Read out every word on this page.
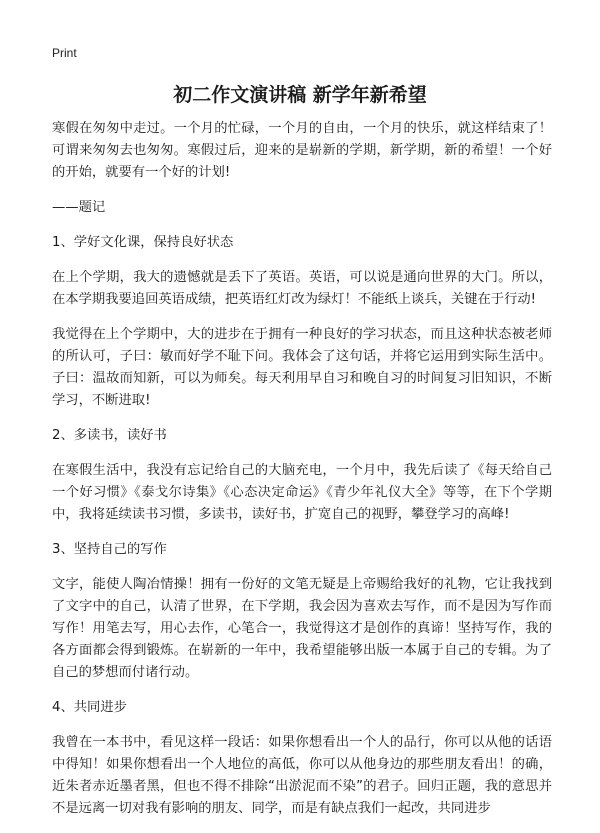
Print
初二作文演讲稿 新学年新希望

寒假在匆匆中走过。一个月的忙碌，一个月的自由，一个月的快乐，就这样结束了！可谓来匆匆去也匆匆。寒假过后，迎来的是崭新的学期，新学期，新的希望！一个好的开始，就要有一个好的计划!

——题记

1、学好文化课，保持良好状态

在上个学期，我大的遗憾就是丢下了英语。英语，可以说是通向世界的大门。所以，在本学期我要追回英语成绩，把英语红灯改为绿灯！不能纸上谈兵，关键在于行动!

我觉得在上个学期中，大的进步在于拥有一种良好的学习状态，而且这种状态被老师的所认可，子曰：敏而好学不耻下问。我体会了这句话，并将它运用到实际生活中。子曰：温故而知新，可以为师矣。每天利用早自习和晚自习的时间复习旧知识，不断学习，不断进取!

2、多读书，读好书

在寒假生活中，我没有忘记给自己的大脑充电，一个月中，我先后读了《每天给自己一个好习惯》《泰戈尔诗集》《心态决定命运》《青少年礼仪大全》等等，在下个学期中，我将延续读书习惯，多读书，读好书，扩宽自己的视野，攀登学习的高峰!

3、坚持自己的写作

文字，能使人陶冶情操！拥有一份好的文笔无疑是上帝赐给我好的礼物，它让我找到了文字中的自己，认清了世界，在下学期，我会因为喜欢去写作，而不是因为写作而写作！用笔去写，用心去作，心笔合一，我觉得这才是创作的真谛！坚持写作，我的各方面都会得到锻炼。在崭新的一年中，我希望能够出版一本属于自己的专辑。为了自己的梦想而付诸行动。

4、共同进步

我曾在一本书中，看见这样一段话：如果你想看出一个人的品行，你可以从他的话语中得知！如果你想看出一个人地位的高低，你可以从他身边的那些朋友看出！的确，近朱者赤近墨者黑，但也不得不排除“出淤泥而不染”的君子。回归正题，我的意思并不是远离一切对我有影响的朋友、同学，而是有缺点我们一起改，共同进步
